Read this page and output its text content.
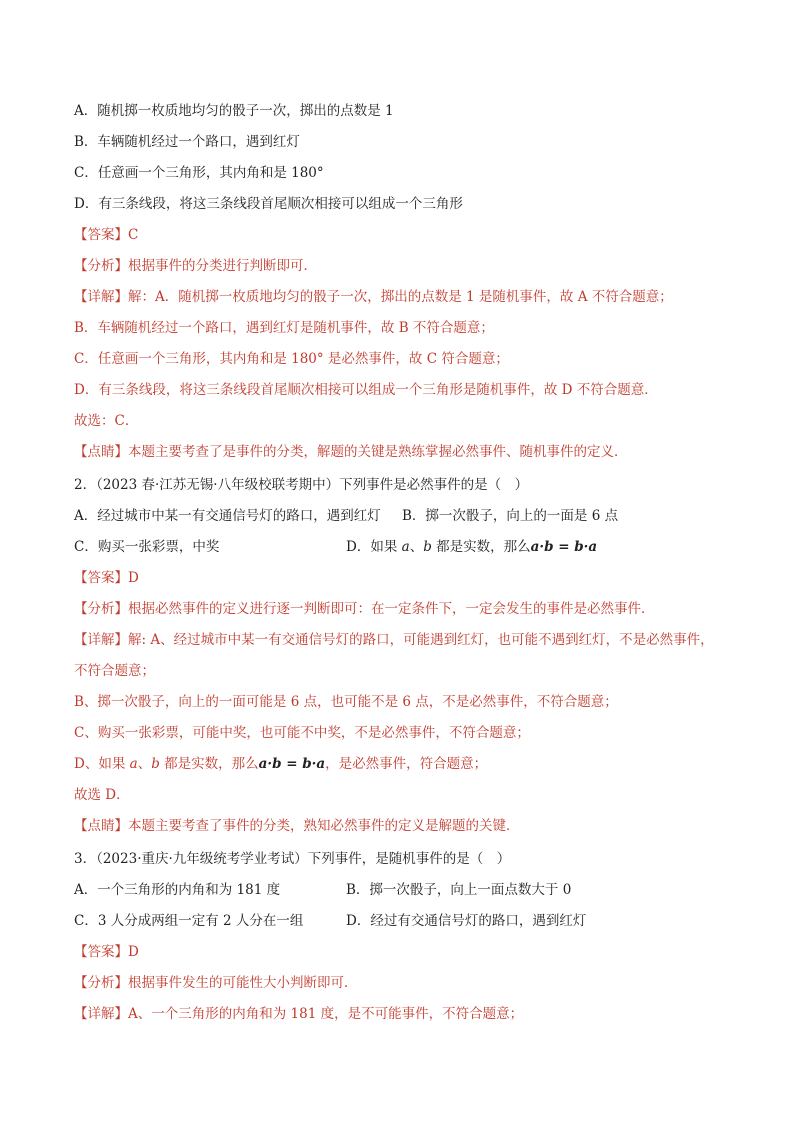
A．随机掷一枚质地均匀的骰子一次，掷出的点数是 1
B．车辆随机经过一个路口，遇到红灯
C．任意画一个三角形，其内角和是 180°
D．有三条线段，将这三条线段首尾顺次相接可以组成一个三角形
【答案】C
【分析】根据事件的分类进行判断即可．
【详解】解：A．随机掷一枚质地均匀的骰子一次，掷出的点数是 1 是随机事件，故 A 不符合题意；
B．车辆随机经过一个路口，遇到红灯是随机事件，故 B 不符合题意；
C．任意画一个三角形，其内角和是 180° 是必然事件，故 C 符合题意；
D．有三条线段，将这三条线段首尾顺次相接可以组成一个三角形是随机事件，故 D 不符合题意．
故选：C．
【点睛】本题主要考查了是事件的分类，解题的关键是熟练掌握必然事件、随机事件的定义．
2．（2023 春·江苏无锡·八年级校联考期中）下列事件是必然事件的是（　）
A．经过城市中某一有交通信号灯的路口，遇到红灯 B．掷一次骰子，向上的一面是 6 点
C．购买一张彩票，中奖	D．如果 a、b 都是实数，那么a·b = b·a
【答案】D
【分析】根据必然事件的定义进行逐一判断即可：在一定条件下，一定会发生的事件是必然事件．
【详解】解: A、经过城市中某一有交通信号灯的路口，可能遇到红灯，也可能不遇到红灯，不是必然事件，
不符合题意；
B、掷一次骰子，向上的一面可能是 6 点，也可能不是 6 点，不是必然事件，不符合题意；
C、购买一张彩票，可能中奖，也可能不中奖，不是必然事件，不符合题意；
D、如果 a、b 都是实数，那么a·b = b·a，是必然事件，符合题意；
故选 D．
【点睛】本题主要考查了事件的分类，熟知必然事件的定义是解题的关键．
3．（2023·重庆·九年级统考学业考试）下列事件，是随机事件的是（　）
A．一个三角形的内角和为 181 度	B．掷一次骰子，向上一面点数大于 0
C．3 人分成两组一定有 2 人分在一组	D．经过有交通信号灯的路口，遇到红灯
【答案】D
【分析】根据事件发生的可能性大小判断即可．
【详解】A、一个三角形的内角和为 181 度，是不可能事件，不符合题意；
